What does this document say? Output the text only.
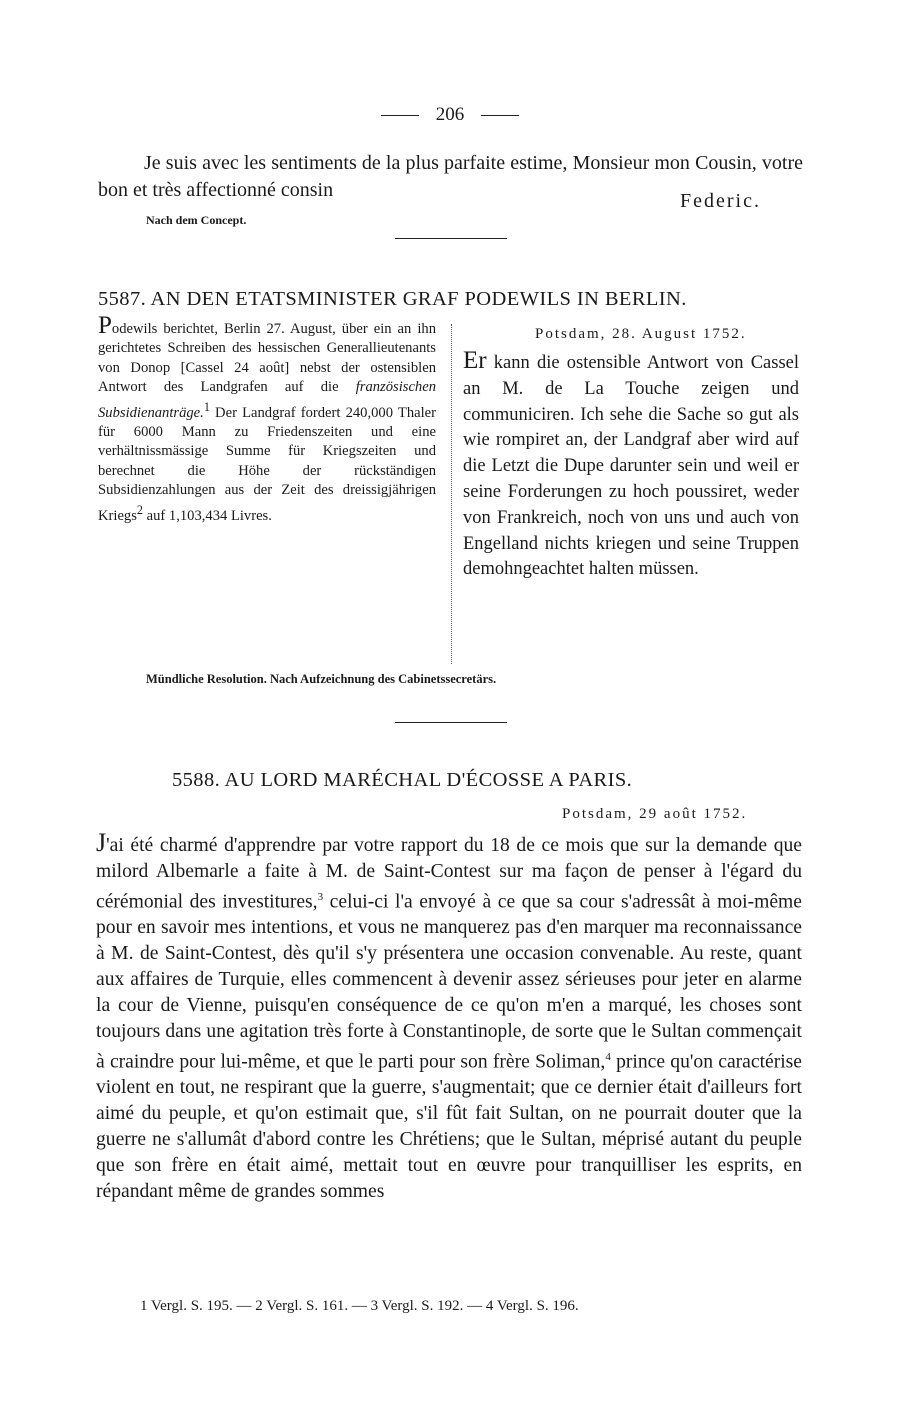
206

Je suis avec les sentiments de la plus parfaite estime, Monsieur mon Cousin, votre bon et très affectionné consin	Federic.
Nach dem Concept.
5587. AN DEN ETATSMINISTER GRAF PODEWILS IN BERLIN.
Podewils berichtet, Berlin 27. August, über ein an ihn gerichtetes Schreiben des hessischen Generallieutenants von Donop [Cassel 24 août] nebst der ostensiblen Antwort des Landgrafen auf die französischen Subsidienanträge.$^1$ Der Landgraf fordert 240,000 Thaler für 6000 Mann zu Friedenszeiten und eine verhältnissmässige Summe für Kriegszeiten und berechnet die Höhe der rückständigen Subsidienzahlungen aus der Zeit des dreissigjährigen Kriegs$^2$ auf 1,103,434 Livres.
Potsdam, 28. August 1752.
Er kann die ostensible Antwort von Cassel an M. de La Touche zeigen und communiciren. Ich sehe die Sache so gut als wie rompiret an, der Landgraf aber wird auf die Letzt die Dupe darunter sein und weil er seine Forderungen zu hoch poussiret, weder von Frankreich, noch von uns und auch von Engelland nichts kriegen und seine Truppen demohngeachtet halten müssen.
Mündliche Resolution. Nach Aufzeichnung des Cabinetssecretärs.
5588. AU LORD MARÉCHAL D'ÉCOSSE A PARIS.
Potsdam, 29 août 1752.
J'ai été charmé d'apprendre par votre rapport du 18 de ce mois que sur la demande que milord Albemarle a faite à M. de Saint-Contest sur ma façon de penser à l'égard du cérémonial des investitures,$^3$ celui-ci l'a envoyé à ce que sa cour s'adressât à moi-même pour en savoir mes intentions, et vous ne manquerez pas d'en marquer ma reconnaissance à M. de Saint-Contest, dès qu'il s'y présentera une occasion convenable. Au reste, quant aux affaires de Turquie, elles commencent à devenir assez sérieuses pour jeter en alarme la cour de Vienne, puisqu'en conséquence de ce qu'on m'en a marqué, les choses sont toujours dans une agitation très forte à Constantinople, de sorte que le Sultan commençait à craindre pour lui-même, et que le parti pour son frère Soliman,$^4$ prince qu'on caractérise violent en tout, ne respirant que la guerre, s'augmentait; que ce dernier était d'ailleurs fort aimé du peuple, et qu'on estimait que, s'il fût fait Sultan, on ne pourrait douter que la guerre ne s'allumât d'abord contre les Chrétiens; que le Sultan, méprisé autant du peuple que son frère en était aimé, mettait tout en œuvre pour tranquilliser les esprits, en répandant même de grandes sommes
1 Vergl. S. 195. — 2 Vergl. S. 161. — 3 Vergl. S. 192. — 4 Vergl. S. 196.
